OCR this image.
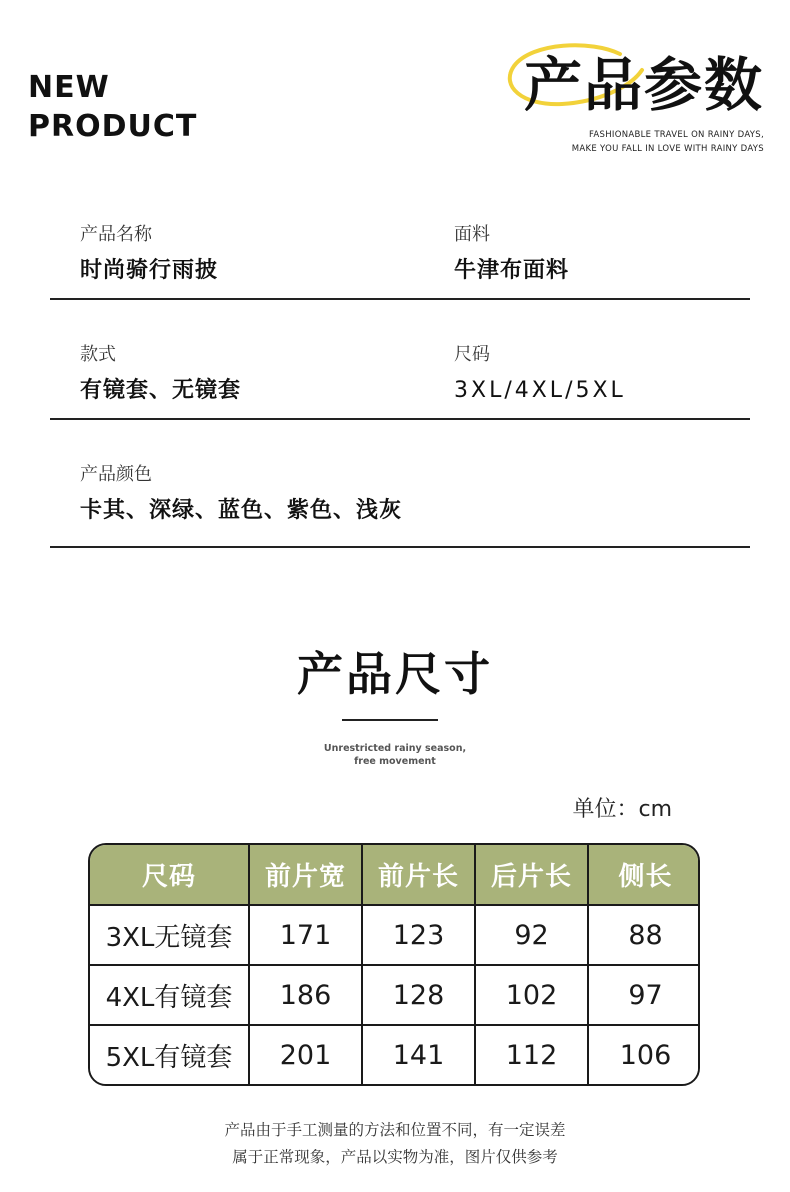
NEW
PRODUCT
产品参数
FASHIONABLE TRAVEL ON RAINY DAYS,
MAKE YOU FALL IN LOVE WITH RAINY DAYS
产品名称
时尚骑行雨披
面料
牛津布面料
款式
有镜套、无镜套
尺码
3XL/4XL/5XL
产品颜色
卡其、深绿、蓝色、紫色、浅灰
产品尺寸
Unrestricted rainy season,
free movement
单位：cm
尺码	前片宽	前片长	后片长	侧长
3XL无镜套	171	123	92	88
4XL有镜套	186	128	102	97
5XL有镜套	201	141	112	106
产品由于手工测量的方法和位置不同，有一定误差
属于正常现象，产品以实物为准，图片仅供参考
